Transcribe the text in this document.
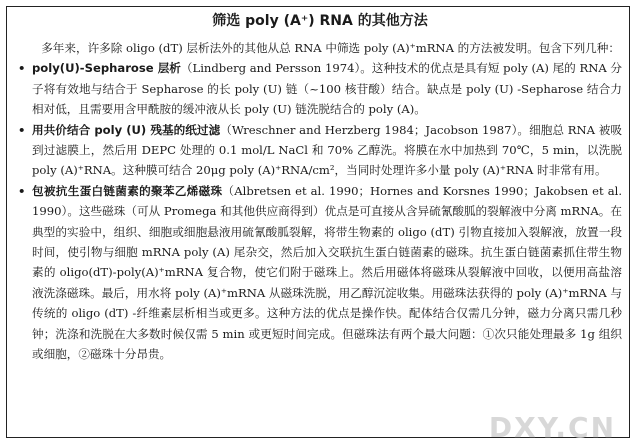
筛选 poly (A⁺) RNA 的其他方法

多年来，许多除 oligo (dT) 层析法外的其他从总 RNA 中筛选 poly (A)⁺mRNA 的方法被发明。包含下列几种：

• poly(U)-Sepharose 层析（Lindberg and Persson 1974）。这种技术的优点是具有短 poly (A) 尾的 RNA 分子将有效地与结合于 Sepharose 的长 poly (U) 链（~100 核苷酸）结合。缺点是 poly (U) -Sepharose 结合力相对低，且需要用含甲酰胺的缓冲液从长 poly (U) 链洗脱结合的 poly (A)。

• 用共价结合 poly (U) 残基的纸过滤（Wreschner and Herzberg 1984；Jacobson 1987）。细胞总 RNA 被吸到过滤膜上，然后用 DEPC 处理的 0.1 mol/L NaCl 和 70% 乙醇洗。将膜在水中加热到 70℃，5 min，以洗脱 poly (A)⁺RNA。这种膜可结合 20μg poly (A)⁺RNA/cm²，当同时处理许多小量 poly (A)⁺RNA 时非常有用。

• 包被抗生蛋白链菌素的聚苯乙烯磁珠（Albretsen et al. 1990；Hornes and Korsnes 1990；Jakobsen et al. 1990）。这些磁珠（可从 Promega 和其他供应商得到）优点是可直接从含异硫氰酸胍的裂解液中分离 mRNA。在典型的实验中，组织、细胞或细胞悬液用硫氰酸胍裂解，将带生物素的 oligo (dT) 引物直接加入裂解液，放置一段时间，使引物与细胞 mRNA poly (A) 尾杂交，然后加入交联抗生蛋白链菌素的磁珠。抗生蛋白链菌素抓住带生物素的 oligo(dT)-poly(A)⁺mRNA 复合物，使它们附于磁珠上。然后用磁体将磁珠从裂解液中回收，以便用高盐溶液洗涤磁珠。最后，用水将 poly (A)⁺mRNA 从磁珠洗脱，用乙醇沉淀收集。用磁珠法获得的 poly (A)⁺mRNA 与传统的 oligo (dT) -纤维素层析相当或更多。这种方法的优点是操作快。配体结合仅需几分钟，磁力分离只需几秒钟；洗涤和洗脱在大多数时候仅需 5 min 或更短时间完成。但磁珠法有两个最大问题：①次只能处理最多 1g 组织或细胞，②磁珠十分昂贵。

DXY.CN
